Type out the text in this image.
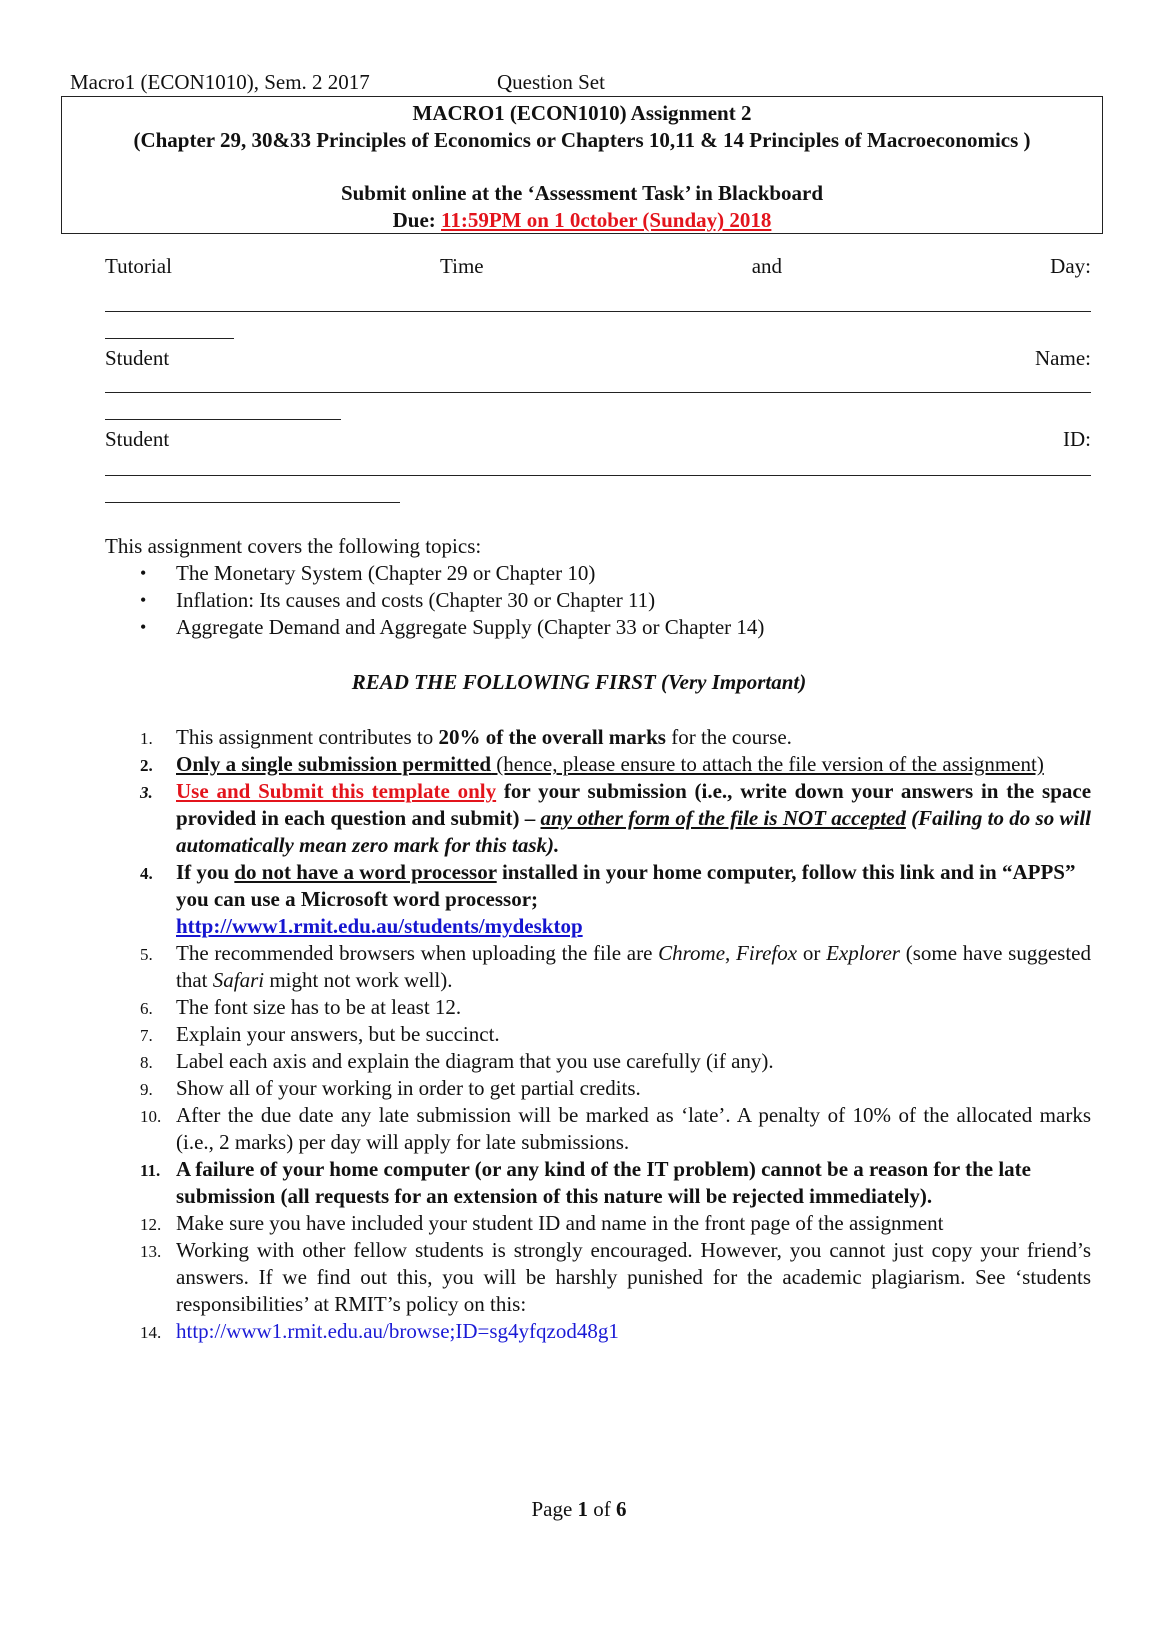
Macro1 (ECON1010), Sem. 2 2017	Question Set
MACRO1 (ECON1010) Assignment 2
(Chapter 29, 30&33 Principles of Economics or Chapters 10,11 & 14 Principles of Macroeconomics )
Submit online at the ‘Assessment Task’ in Blackboard
Due: 11:59PM on 1 0ctober (Sunday) 2018
Tutorial	Time	and	Day:
Student	Name:
Student	ID:
This assignment covers the following topics:
• The Monetary System (Chapter 29 or Chapter 10)
• Inflation: Its causes and costs (Chapter 30 or Chapter 11)
• Aggregate Demand and Aggregate Supply (Chapter 33 or Chapter 14)
READ THE FOLLOWING FIRST (Very Important)
1. This assignment contributes to 20% of the overall marks for the course.
2. Only a single submission permitted (hence, please ensure to attach the file version of the assignment)
3. Use and Submit this template only for your submission (i.e., write down your answers in the space provided in each question and submit) – any other form of the file is NOT accepted (Failing to do so will automatically mean zero mark for this task).
4. If you do not have a word processor installed in your home computer, follow this link and in “APPS” you can use a Microsoft word processor;
http://www1.rmit.edu.au/students/mydesktop
5. The recommended browsers when uploading the file are Chrome, Firefox or Explorer (some have suggested that Safari might not work well).
6. The font size has to be at least 12.
7. Explain your answers, but be succinct.
8. Label each axis and explain the diagram that you use carefully (if any).
9. Show all of your working in order to get partial credits.
10. After the due date any late submission will be marked as ‘late’. A penalty of 10% of the allocated marks (i.e., 2 marks) per day will apply for late submissions.
11. A failure of your home computer (or any kind of the IT problem) cannot be a reason for the late submission (all requests for an extension of this nature will be rejected immediately).
12. Make sure you have included your student ID and name in the front page of the assignment
13. Working with other fellow students is strongly encouraged. However, you cannot just copy your friend’s answers. If we find out this, you will be harshly punished for the academic plagiarism. See ‘students responsibilities’ at RMIT’s policy on this:
14. http://www1.rmit.edu.au/browse;ID=sg4yfqzod48g1
Page 1 of 6
